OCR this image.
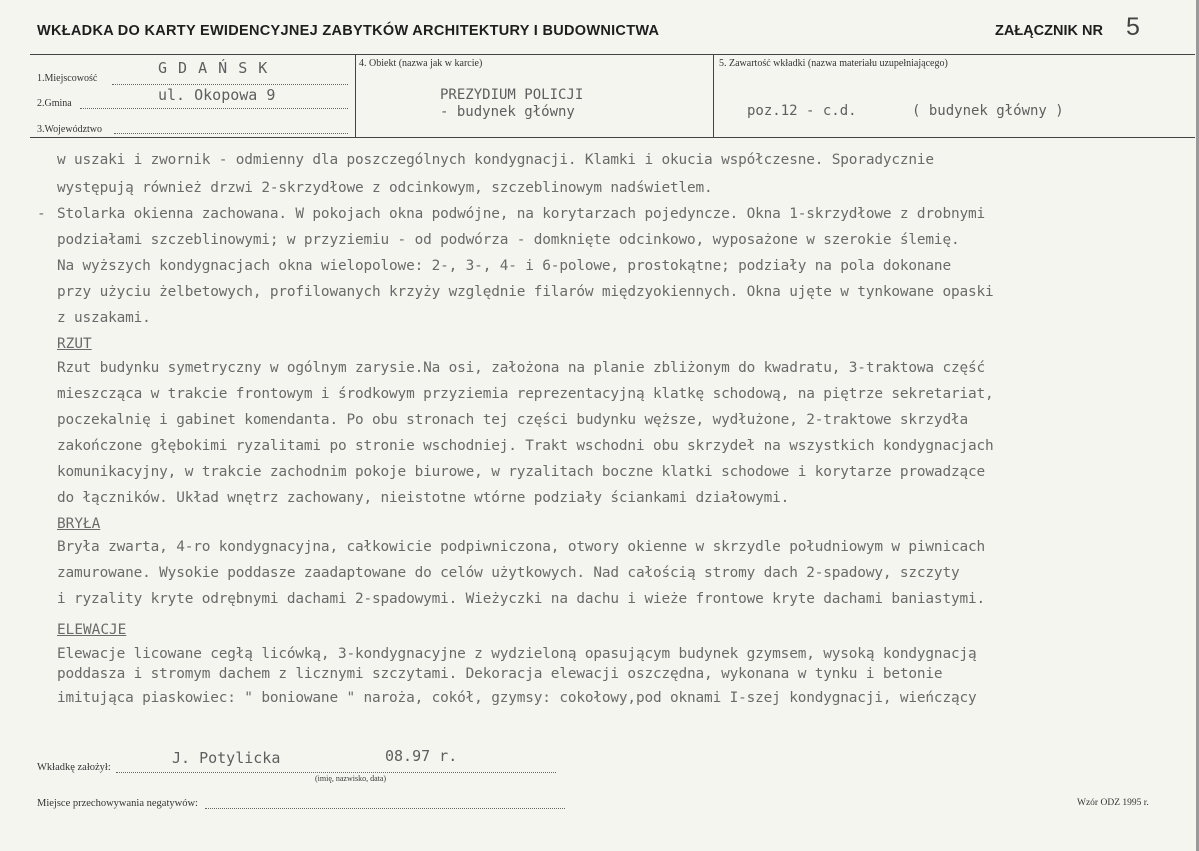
WKŁADKA DO KARTY EWIDENCYJNEJ ZABYTKÓW ARCHITEKTURY I BUDOWNICTWA	ZAŁĄCZNIK NR 5
1.Miejscowość
G D A Ń S K
2.Gmina	ul. Okopowa 9
3.Województwo
4. Obiekt (nazwa jak w karcie)
PREZYDIUM POLICJI
- budynek główny
5. Zawartość wkładki (nazwa materiału uzupełniającego)
poz.12 - c.d.	( budynek główny )
w uszaki i zwornik - odmienny dla poszczególnych kondygnacji. Klamki i okucia współczesne. Sporadycznie
występują również drzwi 2-skrzydłowe z odcinkowym, szczeblinowym nadświetlem.
- Stolarka okienna zachowana. W pokojach okna podwójne, na korytarzach pojedyncze. Okna 1-skrzydłowe z drobnymi
podziałami szczeblinowymi; w przyziemiu - od podwórza - domknięte odcinkowo, wyposażone w szerokie ślemię.
Na wyższych kondygnacjach okna wielopolowe: 2-, 3-, 4- i 6-polowe, prostokątne; podziały na pola dokonane
przy użyciu żelbetowych, profilowanych krzyży względnie filarów międzyokiennych. Okna ujęte w tynkowane opaski
z uszakami.
RZUT
Rzut budynku symetryczny w ogólnym zarysie.Na osi, założona na planie zbliżonym do kwadratu, 3-traktowa część
mieszcząca w trakcie frontowym i środkowym przyziemia reprezentacyjną klatkę schodową, na piętrze sekretariat,
poczekalnię i gabinet komendanta. Po obu stronach tej części budynku węższe, wydłużone, 2-traktowe skrzydła
zakończone głębokimi ryzalitami po stronie wschodniej. Trakt wschodni obu skrzydeł na wszystkich kondygnacjach
komunikacyjny, w trakcie zachodnim pokoje biurowe, w ryzalitach boczne klatki schodowe i korytarze prowadzące
do łączników. Układ wnętrz zachowany, nieistotne wtórne podziały ściankami działowymi.
BRYŁA
Bryła zwarta, 4-ro kondygnacyjna, całkowicie podpiwniczona, otwory okienne w skrzydle południowym w piwnicach
zamurowane. Wysokie poddasze zaadaptowane do celów użytkowych. Nad całością stromy dach 2-spadowy, szczyty
i ryzality kryte odrębnymi dachami 2-spadowymi. Wieżyczki na dachu i wieże frontowe kryte dachami baniastymi.
ELEWACJE
Elewacje licowane cegłą licówką, 3-kondygnacyjne z wydzieloną opasującym budynek gzymsem, wysoką kondygnacją
poddasza i stromym dachem z licznymi szczytami. Dekoracja elewacji oszczędna, wykonana w tynku i betonie
imitująca piaskowiec: " boniowane " naroża, cokół, gzymsy: cokołowy,pod oknami I-szej kondygnacji, wieńczący
Wkładkę założył:
J. Potylicka	08.97 r.
(imię, nazwisko, data)
Miejsce przechowywania negatywów:	Wzór ODZ 1995 r.
